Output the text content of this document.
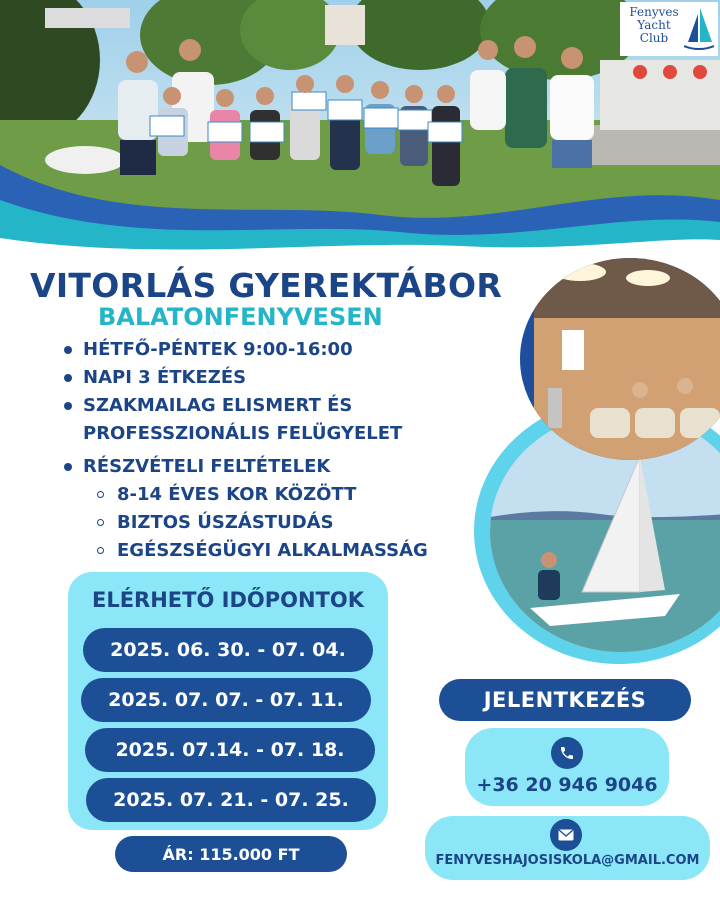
Fenyves
Yacht
Club
VITORLÁS GYEREKTÁBOR
BALATONFENYVESEN
HÉTFŐ-PÉNTEK 9:00-16:00
NAPI 3 ÉTKEZÉS
SZAKMAILAG ELISMERT ÉS
PROFESSZIONÁLIS FELÜGYELET
RÉSZVÉTELI FELTÉTELEK
8-14 ÉVES KOR KÖZÖTT
BIZTOS ÚSZÁSTUDÁS
EGÉSZSÉGÜGYI ALKALMASSÁG
ELÉRHETŐ IDŐPONTOK
2025. 06. 30. - 07. 04.
2025. 07. 07. - 07. 11.
2025. 07.14. - 07. 18.
2025. 07. 21. - 07. 25.
ÁR: 115.000 FT
JELENTKEZÉS
+36 20 946 9046
FENYVESHAJOSISKOLA@GMAIL.COM
